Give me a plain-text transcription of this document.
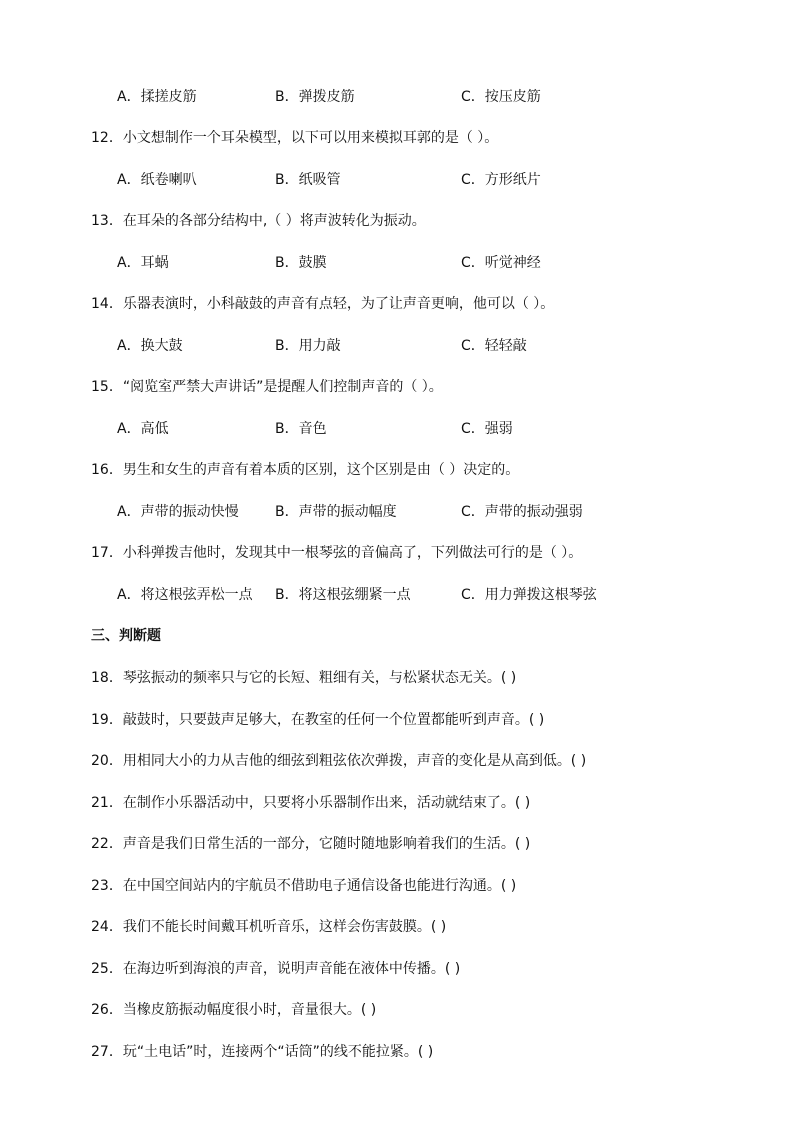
A．揉搓皮筋	B．弹拨皮筋	C．按压皮筋
12．小文想制作一个耳朵模型，以下可以用来模拟耳郭的是（ ）。
A．纸卷喇叭	B．纸吸管	C．方形纸片
13．在耳朵的各部分结构中,（ ）将声波转化为振动。
A．耳蜗	B．鼓膜	C．听觉神经
14．乐器表演时，小科敲鼓的声音有点轻，为了让声音更响，他可以（ ）。
A．换大鼓	B．用力敲	C．轻轻敲
15．“阅览室严禁大声讲话”是提醒人们控制声音的（ ）。
A．高低	B．音色	C．强弱
16．男生和女生的声音有着本质的区别，这个区别是由（ ）决定的。
A．声带的振动快慢	B．声带的振动幅度	C．声带的振动强弱
17．小科弹拨吉他时，发现其中一根琴弦的音偏高了，下列做法可行的是（ ）。
A．将这根弦弄松一点 B．将这根弦绷紧一点	C．用力弹拨这根琴弦
三、判断题
18．琴弦振动的频率只与它的长短、粗细有关，与松紧状态无关。( )
19．敲鼓时，只要鼓声足够大，在教室的任何一个位置都能听到声音。( )
20．用相同大小的力从吉他的细弦到粗弦依次弹拨，声音的变化是从高到低。( )
21．在制作小乐器活动中，只要将小乐器制作出来，活动就结束了。( )
22．声音是我们日常生活的一部分，它随时随地影响着我们的生活。( )
23．在中国空间站内的宇航员不借助电子通信设备也能进行沟通。( )
24．我们不能长时间戴耳机听音乐，这样会伤害鼓膜。( )
25．在海边听到海浪的声音，说明声音能在液体中传播。( )
26．当橡皮筋振动幅度很小时，音量很大。( )
27．玩“土电话”时，连接两个“话筒”的线不能拉紧。( )
